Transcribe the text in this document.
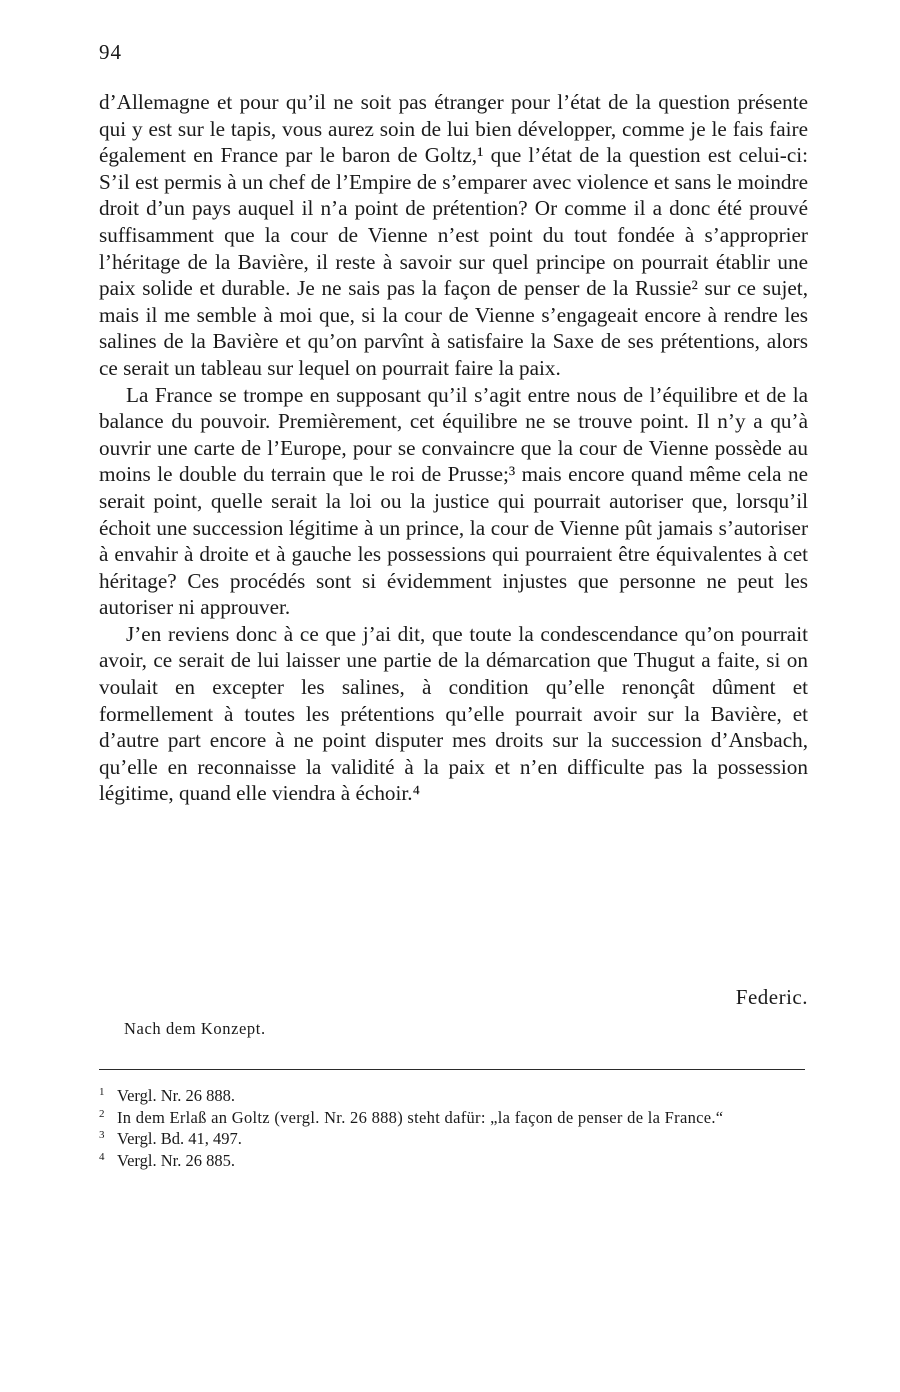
94

d’Allemagne et pour qu’il ne soit pas étranger pour l’état de la question présente qui y est sur le tapis, vous aurez soin de lui bien développer, comme je le fais faire également en France par le baron de Goltz,¹ que l’état de la question est celui-ci: S’il est permis à un chef de l’Empire de s’emparer avec violence et sans le moindre droit d’un pays auquel il n’a point de prétention? Or comme il a donc été prouvé suffisamment que la cour de Vienne n’est point du tout fondée à s’approprier l’héritage de la Bavière, il reste à savoir sur quel principe on pourrait établir une paix solide et durable. Je ne sais pas la façon de penser de la Russie² sur ce sujet, mais il me semble à moi que, si la cour de Vienne s’engageait encore à rendre les salines de la Bavière et qu’on parvînt à satisfaire la Saxe de ses prétentions, alors ce serait un tableau sur lequel on pourrait faire la paix.

La France se trompe en supposant qu’il s’agit entre nous de l’équilibre et de la balance du pouvoir. Premièrement, cet équilibre ne se trouve point. Il n’y a qu’à ouvrir une carte de l’Europe, pour se convaincre que la cour de Vienne possède au moins le double du terrain que le roi de Prusse;³ mais encore quand même cela ne serait point, quelle serait la loi ou la justice qui pourrait autoriser que, lorsqu’il échoit une succession légitime à un prince, la cour de Vienne pût jamais s’autoriser à envahir à droite et à gauche les possessions qui pourraient être équivalentes à cet héritage? Ces procédés sont si évidemment injustes que personne ne peut les autoriser ni approuver.

J’en reviens donc à ce que j’ai dit, que toute la condescendance qu’on pourrait avoir, ce serait de lui laisser une partie de la démarcation que Thugut a faite, si on voulait en excepter les salines, à condition qu’elle renonçât dûment et formellement à toutes les prétentions qu’elle pourrait avoir sur la Bavière, et d’autre part encore à ne point disputer mes droits sur la succession d’Ansbach, qu’elle en reconnaisse la validité à la paix et n’en difficulte pas la possession légitime, quand elle viendra à échoir.⁴

Federic.
Nach dem Konzept.
1 Vergl. Nr. 26 888.
2 In dem Erlaß an Goltz (vergl. Nr. 26 888) steht dafür: „la façon de penser de la France.“
3 Vergl. Bd. 41, 497.
4 Vergl. Nr. 26 885.
